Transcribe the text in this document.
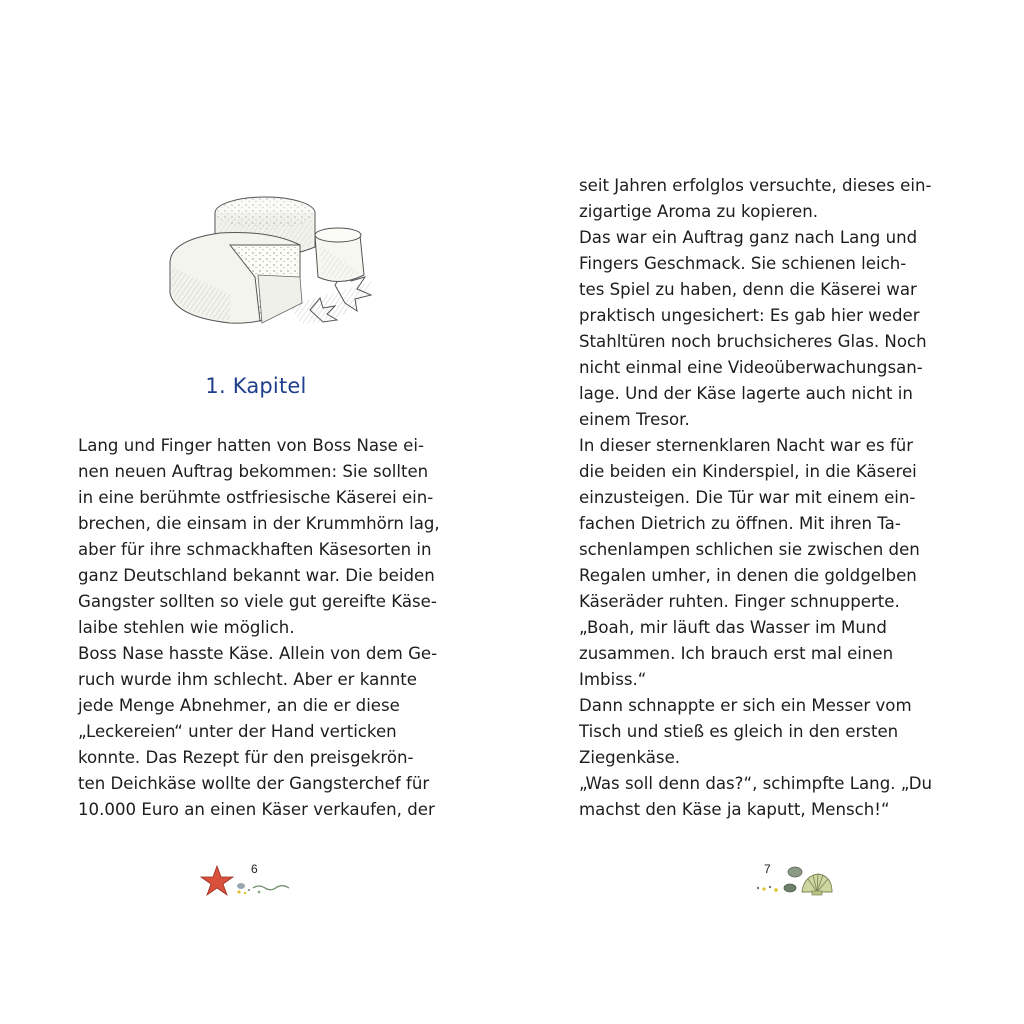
1. Kapitel
Lang und Finger hatten von Boss Nase ei-
nen neuen Auftrag bekommen: Sie sollten
in eine berühmte ostfriesische Käserei ein-
brechen, die einsam in der Krummhörn lag,
aber für ihre schmackhaften Käsesorten in
ganz Deutschland bekannt war. Die beiden
Gangster sollten so viele gut gereifte Käse-
laibe stehlen wie möglich.
Boss Nase hasste Käse. Allein von dem Ge-
ruch wurde ihm schlecht. Aber er kannte
jede Menge Abnehmer, an die er diese
„Leckereien“ unter der Hand verticken
konnte. Das Rezept für den preisgekrön-
ten Deichkäse wollte der Gangsterchef für
10.000 Euro an einen Käser verkaufen, der
6
seit Jahren erfolglos versuchte, dieses ein-
zigartige Aroma zu kopieren.
Das war ein Auftrag ganz nach Lang und
Fingers Geschmack. Sie schienen leich-
tes Spiel zu haben, denn die Käserei war
praktisch ungesichert: Es gab hier weder
Stahltüren noch bruchsicheres Glas. Noch
nicht einmal eine Videoüberwachungsan-
lage. Und der Käse lagerte auch nicht in
einem Tresor.
In dieser sternenklaren Nacht war es für
die beiden ein Kinderspiel, in die Käserei
einzusteigen. Die Tür war mit einem ein-
fachen Dietrich zu öffnen. Mit ihren Ta-
schenlampen schlichen sie zwischen den
Regalen umher, in denen die goldgelben
Käseräder ruhten. Finger schnupperte.
„Boah, mir läuft das Wasser im Mund
zusammen. Ich brauch erst mal einen
Imbiss.“
Dann schnappte er sich ein Messer vom
Tisch und stieß es gleich in den ersten
Ziegenkäse.
„Was soll denn das?“, schimpfte Lang. „Du
machst den Käse ja kaputt, Mensch!“
7
